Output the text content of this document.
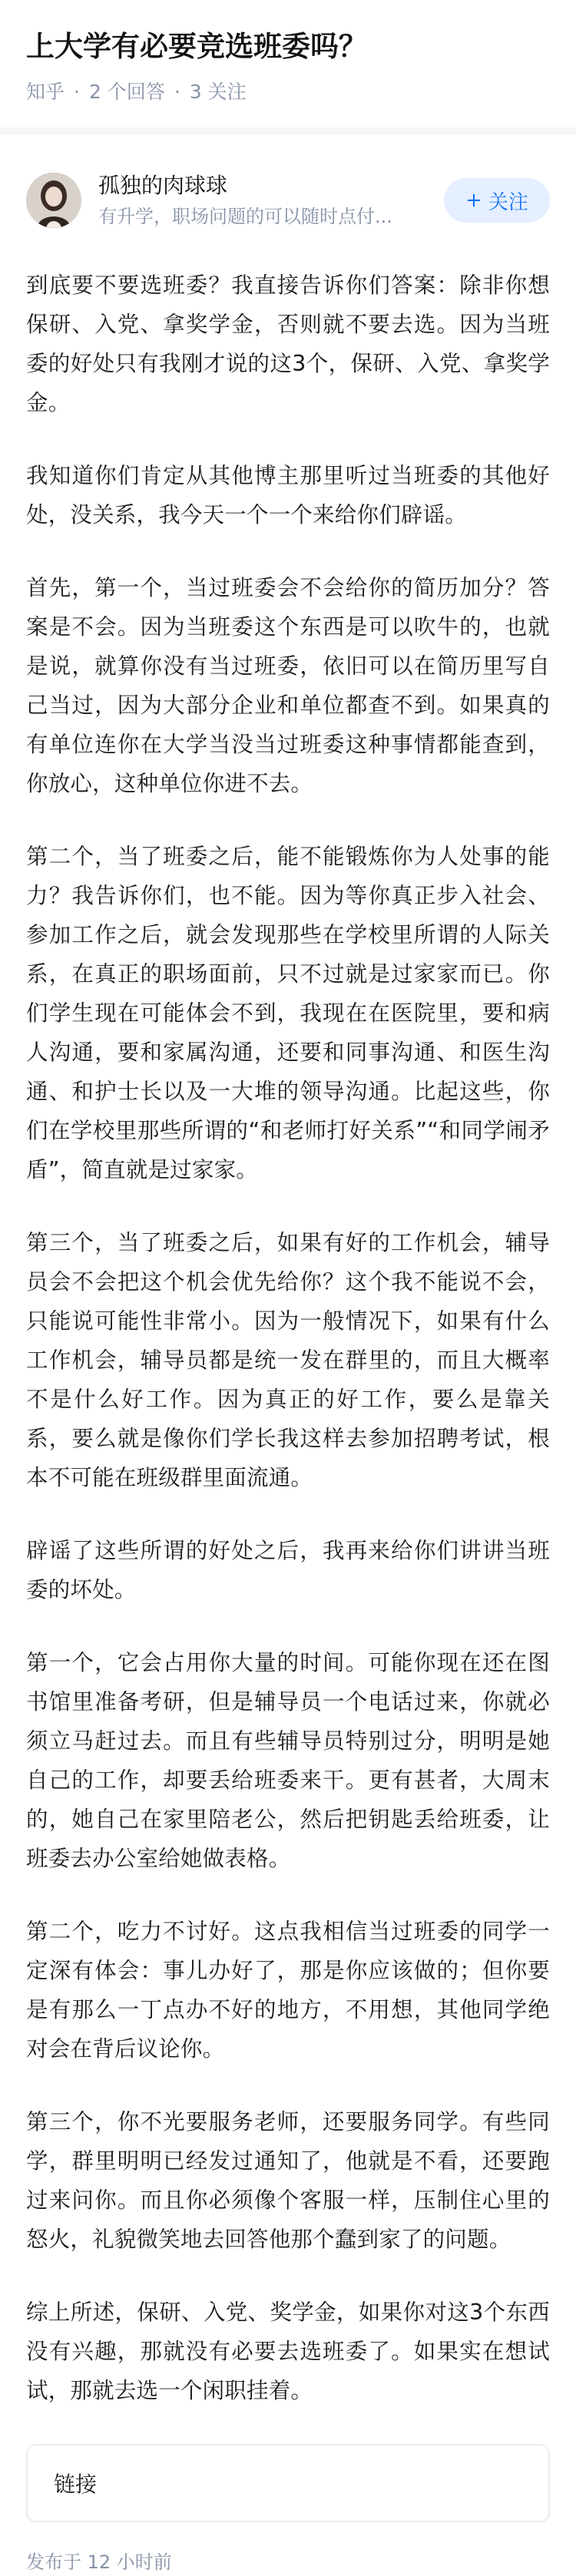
上大学有必要竞选班委吗？
知乎 · 2 个回答 · 3 关注
孤独的肉球球
有升学，职场问题的可以随时点付...
+ 关注

到底要不要选班委？我直接告诉你们答案：除非你想保研、入党、拿奖学金，否则就不要去选。因为当班委的好处只有我刚才说的这3个，保研、入党、拿奖学金。

我知道你们肯定从其他博主那里听过当班委的其他好处，没关系，我今天一个一个来给你们辟谣。

首先，第一个，当过班委会不会给你的简历加分？答案是不会。因为当班委这个东西是可以吹牛的，也就是说，就算你没有当过班委，依旧可以在简历里写自己当过，因为大部分企业和单位都查不到。如果真的有单位连你在大学当没当过班委这种事情都能查到，你放心，这种单位你进不去。

第二个，当了班委之后，能不能锻炼你为人处事的能力？我告诉你们，也不能。因为等你真正步入社会、参加工作之后，就会发现那些在学校里所谓的人际关系，在真正的职场面前，只不过就是过家家而已。你们学生现在可能体会不到，我现在在医院里，要和病人沟通，要和家属沟通，还要和同事沟通、和医生沟通、和护士长以及一大堆的领导沟通。比起这些，你们在学校里那些所谓的“和老师打好关系”“和同学闹矛盾”，简直就是过家家。

第三个，当了班委之后，如果有好的工作机会，辅导员会不会把这个机会优先给你？这个我不能说不会，只能说可能性非常小。因为一般情况下，如果有什么工作机会，辅导员都是统一发在群里的，而且大概率不是什么好工作。因为真正的好工作，要么是靠关系，要么就是像你们学长我这样去参加招聘考试，根本不可能在班级群里面流通。

辟谣了这些所谓的好处之后，我再来给你们讲讲当班委的坏处。

第一个，它会占用你大量的时间。可能你现在还在图书馆里准备考研，但是辅导员一个电话过来，你就必须立马赶过去。而且有些辅导员特别过分，明明是她自己的工作，却要丢给班委来干。更有甚者，大周末的，她自己在家里陪老公，然后把钥匙丢给班委，让班委去办公室给她做表格。

第二个，吃力不讨好。这点我相信当过班委的同学一定深有体会：事儿办好了，那是你应该做的；但你要是有那么一丁点办不好的地方，不用想，其他同学绝对会在背后议论你。

第三个，你不光要服务老师，还要服务同学。有些同学，群里明明已经发过通知了，他就是不看，还要跑过来问你。而且你必须像个客服一样，压制住心里的怒火，礼貌微笑地去回答他那个蠢到家了的问题。

综上所述，保研、入党、奖学金，如果你对这3个东西没有兴趣，那就没有必要去选班委了。如果实在想试试，那就去选一个闲职挂着。

链接
发布于 12 小时前
